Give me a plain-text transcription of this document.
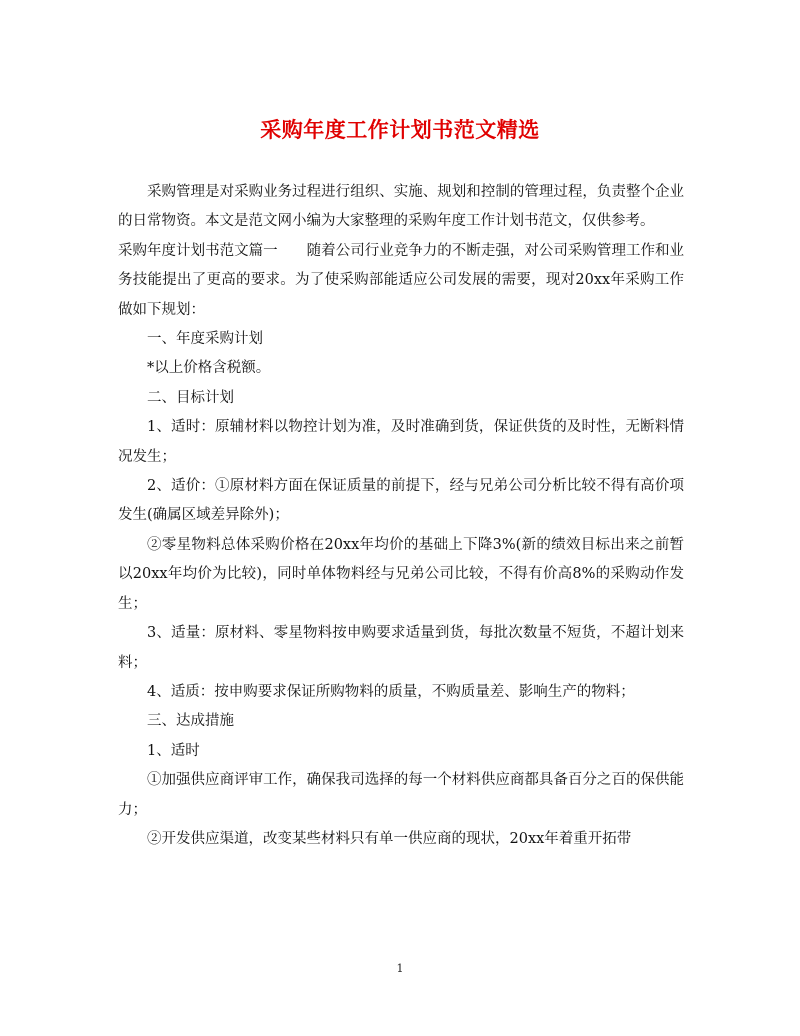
采购年度工作计划书范文精选

采购管理是对采购业务过程进行组织、实施、规划和控制的管理过程，负责整个企业的日常物资。本文是范文网小编为大家整理的采购年度工作计划书范文，仅供参考。

采购年度计划书范文篇一　　随着公司行业竞争力的不断走强，对公司采购管理工作和业务技能提出了更高的要求。为了使采购部能适应公司发展的需要，现对20xx年采购工作做如下规划：

一、年度采购计划

*以上价格含税额。

二、目标计划

1、适时：原辅材料以物控计划为准，及时准确到货，保证供货的及时性，无断料情况发生；

2、适价：①原材料方面在保证质量的前提下，经与兄弟公司分析比较不得有高价项发生(确属区域差异除外)；

②零星物料总体采购价格在20xx年均价的基础上下降3%(新的绩效目标出来之前暂以20xx年均价为比较)，同时单体物料经与兄弟公司比较，不得有价高8%的采购动作发生；

3、适量：原材料、零星物料按申购要求适量到货，每批次数量不短货，不超计划来料；

4、适质：按申购要求保证所购物料的质量，不购质量差、影响生产的物料；

三、达成措施

1、适时

①加强供应商评审工作，确保我司选择的每一个材料供应商都具备百分之百的保供能力；

②开发供应渠道，改变某些材料只有单一供应商的现状，20xx年着重开拓带

1
